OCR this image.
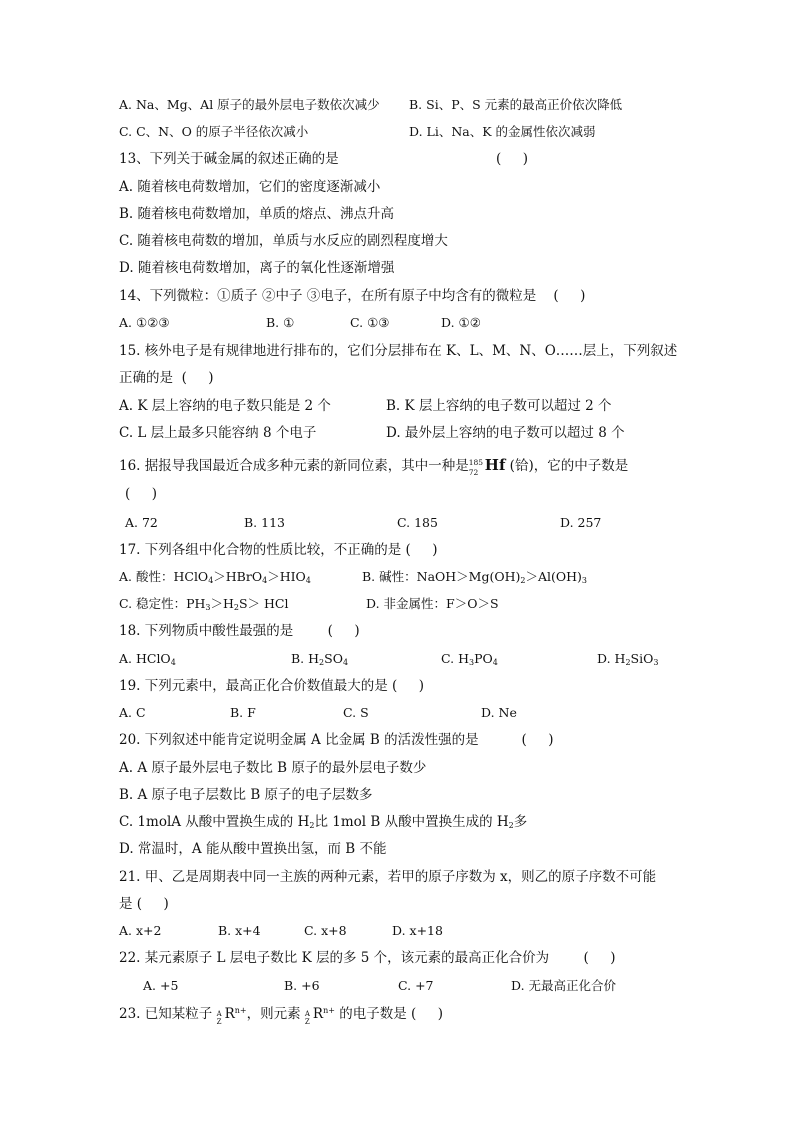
A. Na、Mg、Al 原子的最外层电子数依次减少 B. Si、P、S 元素的最高正价依次降低
C. C、N、O 的原子半径依次减小	D. Li、Na、K 的金属性依次减弱
13、下列关于碱金属的叙述正确的是	(     )
A. 随着核电荷数增加，它们的密度逐渐减小
B. 随着核电荷数增加，单质的熔点、沸点升高
C. 随着核电荷数的增加，单质与水反应的剧烈程度增大
D. 随着核电荷数增加，离子的氧化性逐渐增强
14、下列微粒：①质子 ②中子 ③电子，在所有原子中均含有的微粒是    (     )
A. ①②③	B. ①	C. ①③	D. ①②
15. 核外电子是有规律地进行排布的，它们分层排布在 K、L、M、N、O……层上，下列叙述
正确的是  (     )
A. K 层上容纳的电子数只能是 2 个	B. K 层上容纳的电子数可以超过 2 个
C. L 层上最多只能容纳 8 个电子	D. 最外层上容纳的电子数可以超过 8 个
16. 据报导我国最近合成多种元素的新同位素，其中一种是 185
72 Hf (铪)，它的中子数是
(     )
A. 72	B. 113	C. 185	D. 257
17. 下列各组中化合物的性质比较，不正确的是 (     )
A. 酸性：$HClO_4>HBrO_4>HIO_4$	B. 碱性：$NaOH>Mg(OH)_2>Al(OH)_3$
C. 稳定性：$PH_3>H_2S>$ HCl	D. 非金属性：F＞O＞S
18. 下列物质中酸性最强的是        (     )
A. HClO$_4$	B. $H_2SO_4$	C. $H_3PO_4$	D. $H_2SiO_3$
19. 下列元素中，最高正化合价数值最大的是 (     )
A. C	B. F	C. S	D. Ne
20. 下列叙述中能肯定说明金属 A 比金属 B 的活泼性强的是          (     )
A. A 原子最外层电子数比 B 原子的最外层电子数少
B. A 原子电子层数比 B 原子的电子层数多
C. 1molA 从酸中置换生成的 $H_2$比 1mol B 从酸中置换生成的 $H_2$多
D. 常温时，A 能从酸中置换出氢，而 B 不能
21. 甲、乙是周期表中同一主族的两种元素，若甲的原子序数为 x，则乙的原子序数不可能
是 (     )
A. x+2	B. x+4	C. x+8	D. x+18
22. 某元素原子 L 层电子数比 K 层的多 5 个，该元素的最高正化合价为        (     )
A. +5	B. +6	C. +7	D. 无最高正化合价
23. 已知某粒子 A
Z $R^{n+}$，则元素 A
Z $R^{n+}$ 的电子数是 (     )
